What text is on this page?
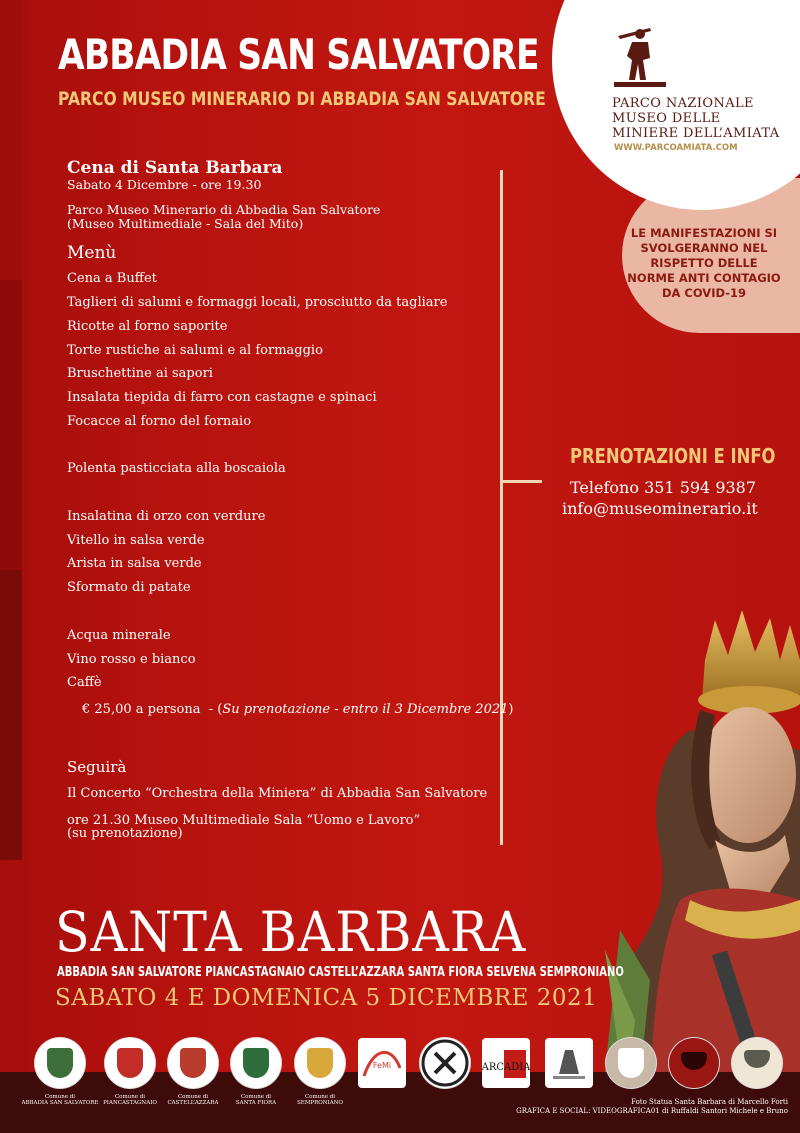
ABBADIA SAN SALVATORE
PARCO MUSEO MINERARIO DI ABBADIA SAN SALVATORE	PARCO NAZIONALE
MUSEO DELLE
MINIERE DELL’AMIATA
WWW.PARCOAMIATA.COM
LE MANIFESTAZIONI SI
SVOLGERANNO NEL
RISPETTO DELLE
NORME ANTI CONTAGIO
DA COVID-19
Cena di Santa Barbara
Sabato 4 Dicembre - ore 19.30
Parco Museo Minerario di Abbadia San Salvatore
(Museo Multimediale - Sala del Mito)
Menù
Cena a Buffet
Taglieri di salumi e formaggi locali, prosciutto da tagliare
Ricotte al forno saporite
Torte rustiche ai salumi e al formaggio
Bruschettine ai sapori
Insalata tiepida di farro con castagne e spinaci
Focacce al forno del fornaio
Polenta pasticciata alla boscaiola
Insalatina di orzo con verdure
Vitello in salsa verde
Arista in salsa verde
Sformato di patate
Acqua minerale
Vino rosso e bianco
Caffè
€ 25,00 a persona - (Su prenotazione - entro il 3 Dicembre 2021)
Seguirà
Il Concerto “Orchestra della Miniera” di Abbadia San Salvatore
ore 21.30 Museo Multimediale Sala “Uomo e Lavoro”
(su prenotazione)
PRENOTAZIONI E INFO
Telefono 351 594 9387
info@museominerario.it
SANTA BARBARA
ABBADIA SAN SALVATORE PIANCASTAGNAIO CASTELL’AZZARA SANTA FIORA SELVENA SEMPRONIANO
SABATO 4 E DOMENICA 5 DICEMBRE 2021
Comune di
ABBADIA SAN SALVATORE
Comune di
PIANCASTAGNAIO
Comune di
CASTELL’AZZARA
Comune di
SANTA FIORA
Comune di
SEMPRONIANO
FeMi	ARCADIA
Foto Statua Santa Barbara di Marcello Forti
GRAFICA E SOCIAL: VIDEOGRAFICA01 di Ruffaldi Santori Michele e Bruno
